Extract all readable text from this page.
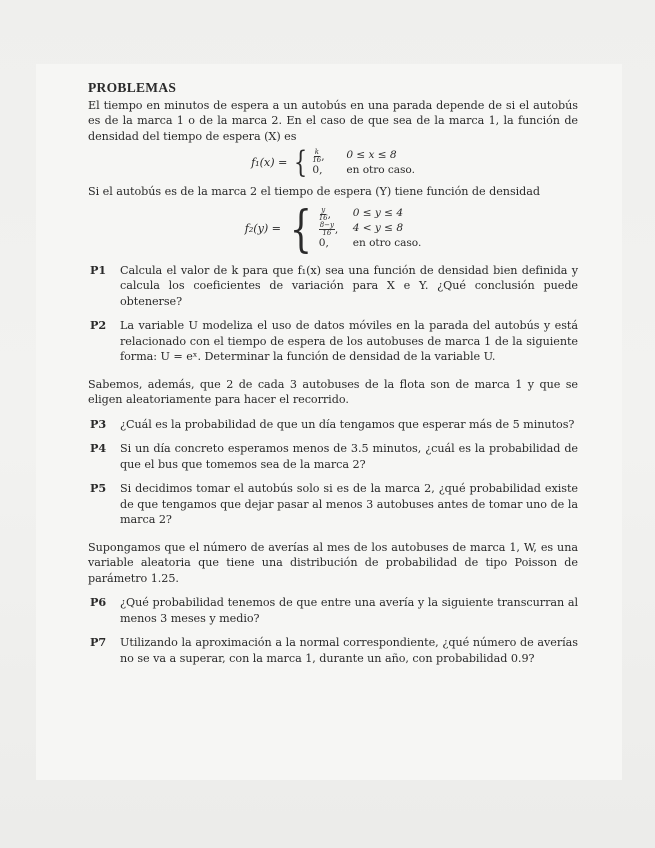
PROBLEMAS

El tiempo en minutos de espera a un autobús en una parada depende de si el autobús es de la marca 1 o de la marca 2. En el caso de que sea de la marca 1, la función de densidad del tiempo de espera (X) es

f₁(x) = { $\frac{k}{16}$ ,	0 ≤ x ≤ 8
0,	en otro caso.

Si el autobús es de la marca 2 el tiempo de espera (Y) tiene función de densidad

f₂(y) = { $\frac{y}{16}$ ,	0 ≤ y ≤ 4
$\frac{8-y}{16}$ ,	4 < y ≤ 8
0,	en otro caso.
P1	Calcula el valor de k para que f₁(x) sea una función de densidad bien definida y calcula los coeficientes de variación para X e Y. ¿Qué conclusión puede obtenerse?
P2	La variable U modeliza el uso de datos móviles en la parada del autobús y está relacionado con el tiempo de espera de los autobuses de marca 1 de la siguiente forma: U = eˣ. Determinar la función de densidad de la variable U.

Sabemos, además, que 2 de cada 3 autobuses de la flota son de marca 1 y que se eligen aleatoriamente para hacer el recorrido.

P3	¿Cuál es la probabilidad de que un día tengamos que esperar más de 5 minutos?
P4	Si un día concreto esperamos menos de 3.5 minutos, ¿cuál es la probabilidad de que el bus que tomemos sea de la marca 2?
P5	Si decidimos tomar el autobús solo si es de la marca 2, ¿qué probabilidad existe de que tengamos que dejar pasar al menos 3 autobuses antes de tomar uno de la marca 2?

Supongamos que el número de averías al mes de los autobuses de marca 1, W, es una variable aleatoria que tiene una distribución de probabilidad de tipo Poisson de parámetro 1.25.

P6	¿Qué probabilidad tenemos de que entre una avería y la siguiente transcurran al menos 3 meses y medio?
P7	Utilizando la aproximación a la normal correspondiente, ¿qué número de averías no se va a superar, con la marca 1, durante un año, con probabilidad 0.9?
